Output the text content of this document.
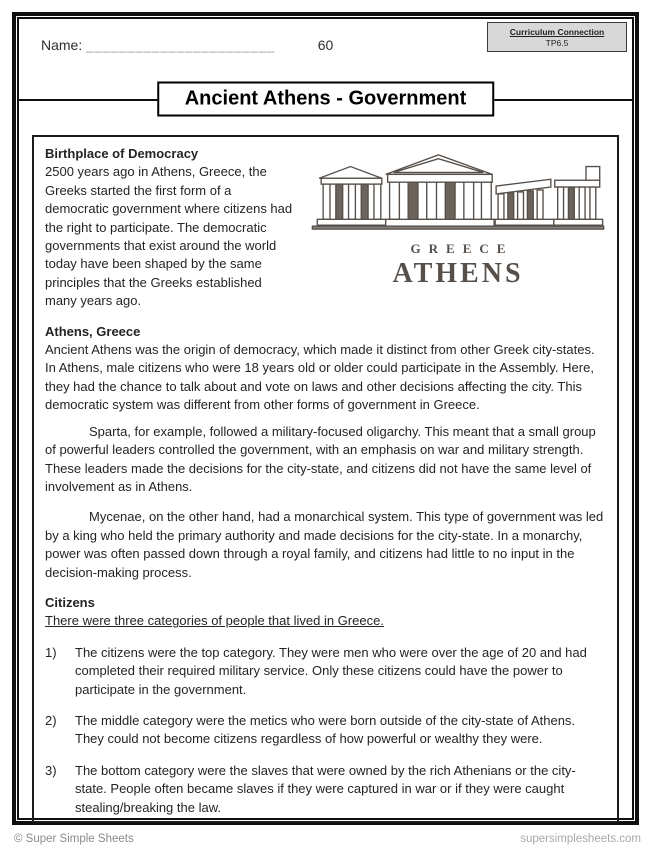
Name: _______________________	60
Curriculum Connection
TP6.5
Ancient Athens - Government
GREECE
ATHENS
Birthplace of Democracy

2500 years ago in Athens, Greece, the Greeks started the first form of a democratic government where citizens had the right to participate. The democratic governments that exist around the world today have been shaped by the same principles that the Greeks established many years ago.

Athens, Greece

Ancient Athens was the origin of democracy, which made it distinct from other Greek city-states. In Athens, male citizens who were 18 years old or older could participate in the Assembly. Here, they had the chance to talk about and vote on laws and other decisions affecting the city. This democratic system was different from other forms of government in Greece.

Sparta, for example, followed a military-focused oligarchy. This meant that a small group of powerful leaders controlled the government, with an emphasis on war and military strength. These leaders made the decisions for the city-state, and citizens did not have the same level of involvement as in Athens.

Mycenae, on the other hand, had a monarchical system. This type of government was led by a king who held the primary authority and made decisions for the city-state. In a monarchy, power was often passed down through a royal family, and citizens had little to no input in the decision-making process.

Citizens
There were three categories of people that lived in Greece.
1)	The citizens were the top category. They were men who were over the age of 20 and had completed their required military service. Only these citizens could have the power to participate in the government.
2)	The middle category were the metics who were born outside of the city-state of Athens. They could not become citizens regardless of how powerful or wealthy they were.
3)	The bottom category were the slaves that were owned by the rich Athenians or the city-state. People often became slaves if they were captured in war or if they were caught stealing/breaking the law.
© Super Simple Sheets	supersimplesheets.com
